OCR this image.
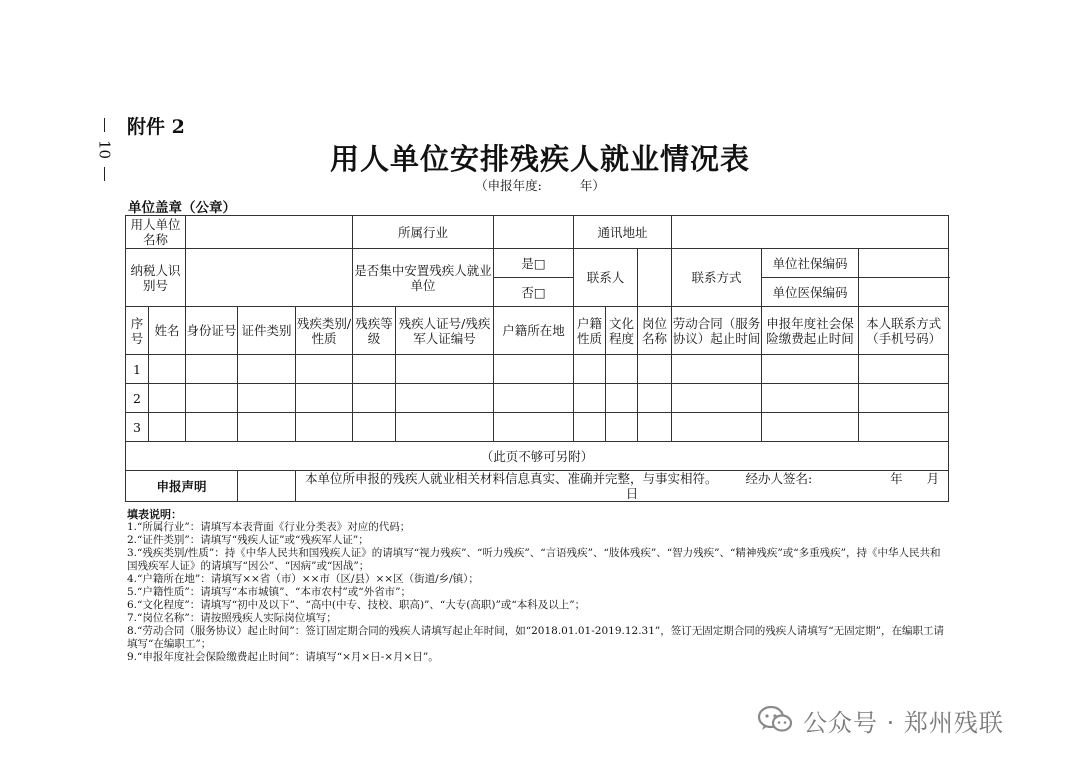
10
附件 2
用人单位安排残疾人就业情况表
（申报年度:	年）
单位盖章（公章）
用人单位名称					所属行业			通讯地址					
纳税人识别号					是否集中安置残疾人就业单位		是□	联系人			联系方式	单位社保编码	
							否□					单位医保编码	
序号	姓名	身份证号	证件类别	残疾类别/性质	残疾等级	残疾人证号/残疾军人证编号	户籍所在地	户籍性质	文化程度	岗位名称	劳动合同（服务协议）起止时间	申报年度社会保险缴费起止时间	本人联系方式（手机号码）
1													
2													
3													
（此页不够可另附）													
申报声明				本单位所申报的残疾人就业相关材料信息真实、准确并完整，与事实相符。 经办人签名: 年 月  日									
填表说明：
1.“所属行业”：请填写本表背面《行业分类表》对应的代码；
2.“证件类别”：请填写“残疾人证”或“残疾军人证”；
3.“残疾类别/性质”：持《中华人民共和国残疾人证》的请填写“视力残疾”、“听力残疾”、“言语残疾”、“肢体残疾”、“智力残疾”、“精神残疾”或“多重残疾”，持《中华人民共和国残疾军人证》的请填写“因公”、“因病”或“因战”；
4.“户籍所在地”：请填写××省（市）××市（区/县）××区（街道/乡/镇）；
5.“户籍性质”：请填写“本市城镇”、“本市农村”或“外省市”；
6.“文化程度”：请填写“初中及以下”、“高中(中专、技校、职高)”、“大专(高职)”或“本科及以上”；
7.“岗位名称”：请按照残疾人实际岗位填写；
8.“劳动合同（服务协议）起止时间”：签订固定期合同的残疾人请填写起止年时间，如“2018.01.01-2019.12.31”，签订无固定期合同的残疾人请填写“无固定期”，在编职工请填写“在编职工”；
9.“申报年度社会保险缴费起止时间”：请填写“×月×日-×月×日”。
公众号 · 郑州残联
